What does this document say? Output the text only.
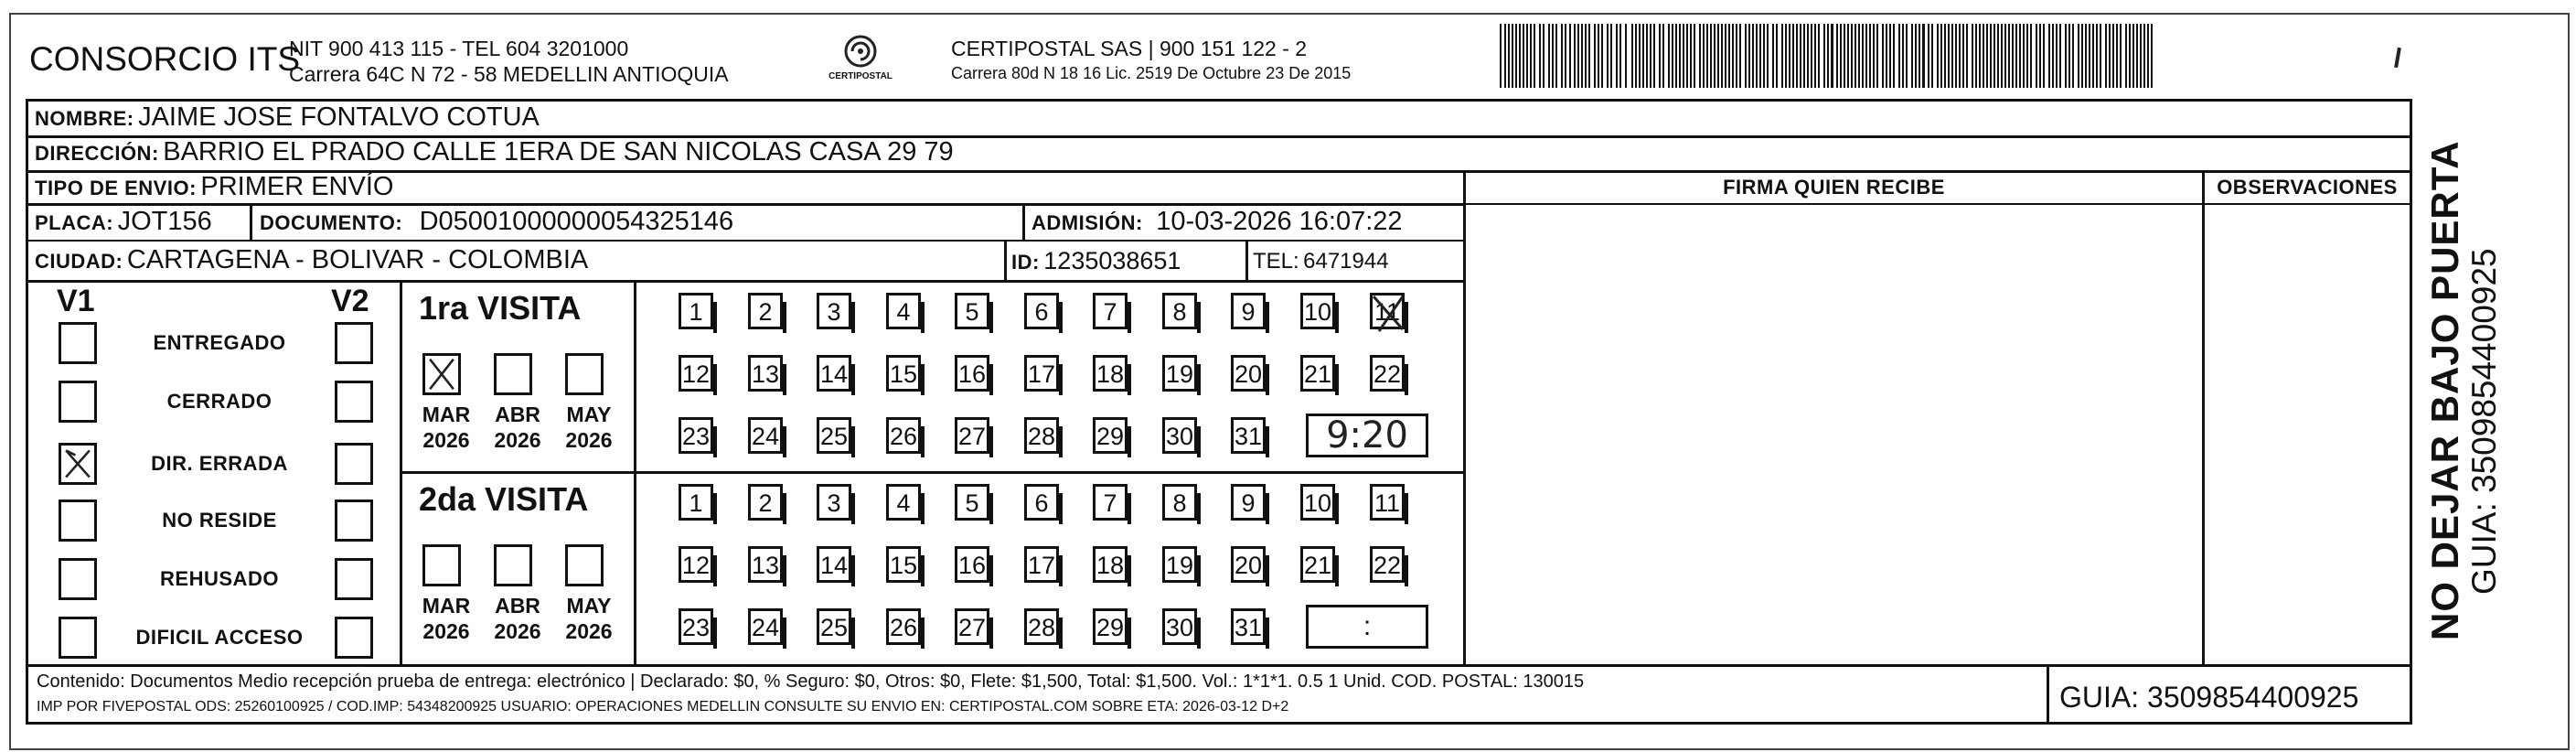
CONSORCIO ITS
NIT 900 413 115 - TEL 604 3201000
Carrera 64C N 72 - 58 MEDELLIN ANTIOQUIA	CERTIPOSTAL
CERTIPOSTAL SAS | 900 151 122 - 2
Carrera 80d N 18 16 Lic. 2519 De Octubre 23 De 2015
NOMBRE: JAIME JOSE FONTALVO COTUA
DIRECCIÓN: BARRIO EL PRADO CALLE 1ERA DE SAN NICOLAS CASA 29 79
TIPO DE ENVIO: PRIMER ENVÍO
PLACA: JOT156 DOCUMENTO: D05001000000054325146	ADMISIÓN: 10-03-2026 16:07:22
CIUDAD: CARTAGENA - BOLIVAR - COLOMBIA	ID: 1235038651	TEL: 6471944
FIRMA QUIEN RECIBE	OBSERVACIONES
V1	V2
ENTREGADO
CERRADO
DIR. ERRADA
NO RESIDE
REHUSADO
DIFICIL ACCESO
1ra VISITA
MAR
2026
ABR
2026
MAY
2026
1	2	3	4	5	6	7	8	9	10 11
12 13 14 15 16 17 18 19 20 21 22
23 24 25 26 27 28 29 30 31	9:20
2da VISITA
MAR
2026
ABR
2026
MAY
2026
1	2	3	4	5	6	7	8	9	10 11
12 13 14 15 16 17 18 19 20 21 22
23 24 25 26 27 28 29 30 31	:	NO DEJAR BAJO PUERTA GUIA: 3509854400925
Contenido: Documentos Medio recepción prueba de entrega: electrónico | Declarado: $0, % Seguro: $0, Otros: $0, Flete: $1,500, Total: $1,500. Vol.: 1*1*1. 0.5 1 Unid. COD. POSTAL: 130015
IMP POR FIVEPOSTAL ODS: 25260100925 / COD.IMP: 54348200925 USUARIO: OPERACIONES MEDELLIN CONSULTE SU ENVIO EN: CERTIPOSTAL.COM SOBRE ETA: 2026-03-12 D+2	GUIA: 3509854400925
